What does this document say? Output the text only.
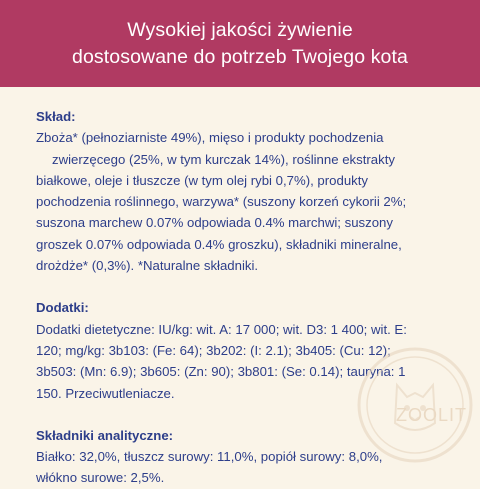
Wysokiej jakości żywienie
dostosowane do potrzeb Twojego kota
Skład:
Zboża* (pełnoziarniste 49%), mięso i produkty pochodzenia
zwierzęcego (25%, w tym kurczak 14%), roślinne ekstrakty
białkowe, oleje i tłuszcze (w tym olej rybi 0,7%), produkty
pochodzenia roślinnego, warzywa* (suszony korzeń cykorii 2%;
suszona marchew 0.07% odpowiada 0.4% marchwi; suszony
groszek 0.07% odpowiada 0.4% groszku), składniki mineralne,
drożdże* (0,3%). *Naturalne składniki.
Dodatki:
Dodatki dietetyczne: IU/kg: wit. A: 17 000; wit. D3: 1 400; wit. E:
120; mg/kg: 3b103: (Fe: 64); 3b202: (I: 2.1); 3b405: (Cu: 12);
3b503: (Mn: 6.9); 3b605: (Zn: 90); 3b801: (Se: 0.14); tauryna: 1
150. Przeciwutleniacze.
Składniki analityczne:
Białko: 32,0%, tłuszcz surowy: 11,0%, popiół surowy: 8,0%,
włókno surowe: 2,5%.
ZOOLIT
